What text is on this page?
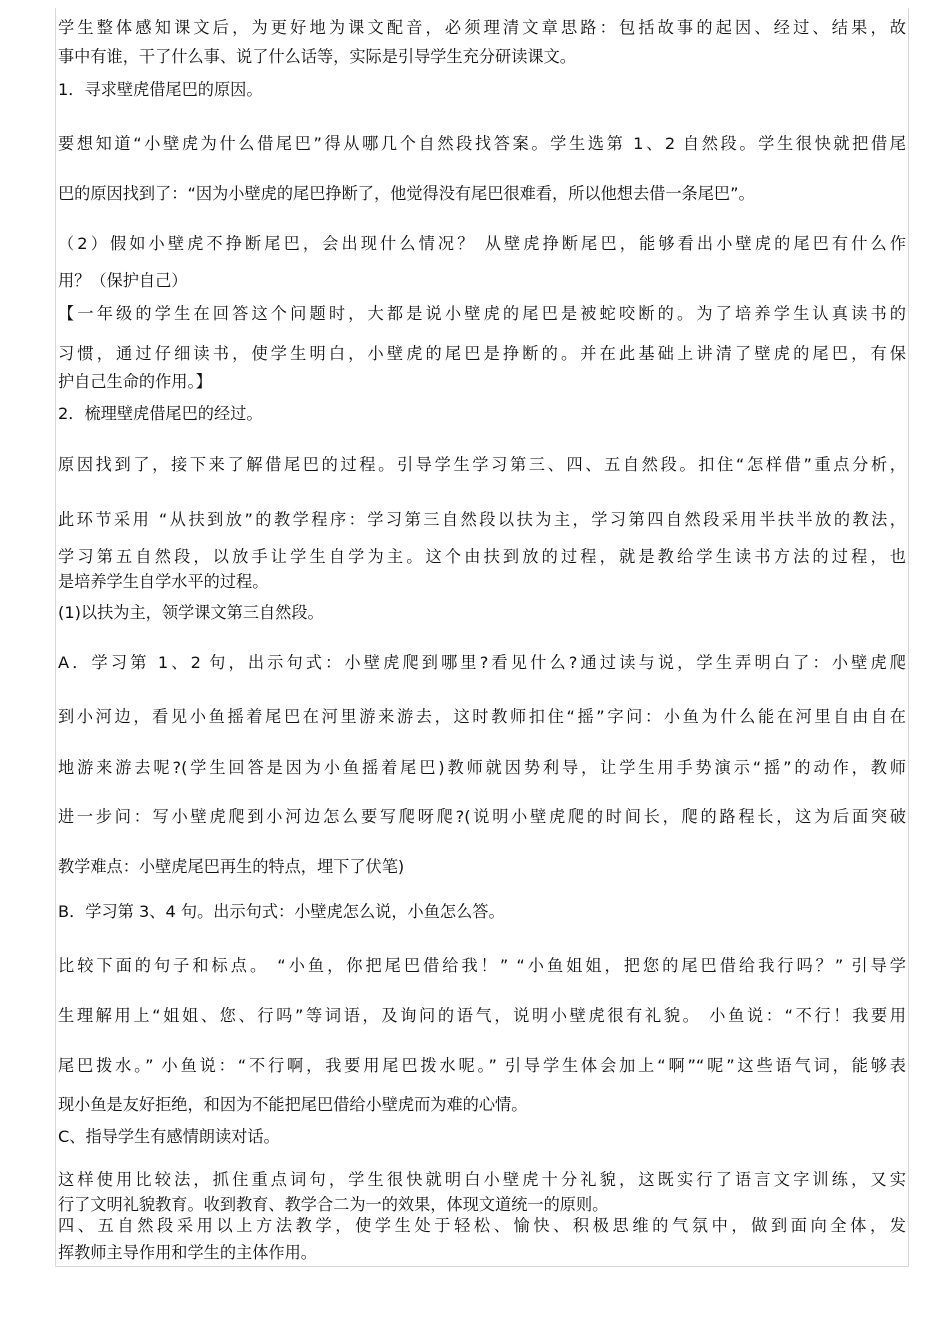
学生整体感知课文后，为更好地为课文配音，必须理清文章思路：包括故事的起因、经过、结果，故
事中有谁，干了什么事、说了什么话等，实际是引导学生充分研读课文。
1．寻求壁虎借尾巴的原因。
要想知道“小壁虎为什么借尾巴”得从哪几个自然段找答案。学生选第 1、2 自然段。学生很快就把借尾
巴的原因找到了：“因为小壁虎的尾巴挣断了，他觉得没有尾巴很难看，所以他想去借一条尾巴”。
（2）假如小壁虎不挣断尾巴，会出现什么情况？ 从壁虎挣断尾巴，能够看出小壁虎的尾巴有什么作
用？（保护自己）
【一年级的学生在回答这个问题时，大都是说小壁虎的尾巴是被蛇咬断的。为了培养学生认真读书的
习惯，通过仔细读书，使学生明白，小壁虎的尾巴是挣断的。并在此基础上讲清了壁虎的尾巴，有保
护自己生命的作用。】
2．梳理壁虎借尾巴的经过。
原因找到了，接下来了解借尾巴的过程。引导学生学习第三、四、五自然段。扣住“怎样借”重点分析，
此环节采用 “从扶到放”的教学程序：学习第三自然段以扶为主，学习第四自然段采用半扶半放的教法，
学习第五自然段，以放手让学生自学为主。这个由扶到放的过程，就是教给学生读书方法的过程，也
是培养学生自学水平的过程。
(1)以扶为主，领学课文第三自然段。
A．学习第 1、2 句，出示句式：小壁虎爬到哪里?看见什么?通过读与说，学生弄明白了：小壁虎爬
到小河边，看见小鱼摇着尾巴在河里游来游去，这时教师扣住“摇”字问：小鱼为什么能在河里自由自在
地游来游去呢?(学生回答是因为小鱼摇着尾巴)教师就因势利导，让学生用手势演示“摇”的动作，教师
进一步问：写小壁虎爬到小河边怎么要写爬呀爬?(说明小壁虎爬的时间长，爬的路程长，这为后面突破
教学难点：小壁虎尾巴再生的特点，埋下了伏笔)
B．学习第 3、4 句。出示句式：小壁虎怎么说，小鱼怎么答。
比较下面的句子和标点。 “小鱼，你把尾巴借给我！” “小鱼姐姐，把您的尾巴借给我行吗？” 引导学
生理解用上“姐姐、您、行吗”等词语，及询问的语气，说明小壁虎很有礼貌。 小鱼说：“不行！我要用
尾巴拨水。” 小鱼说：“不行啊，我要用尾巴拨水呢。” 引导学生体会加上“啊”“呢”这些语气词，能够表
现小鱼是友好拒绝，和因为不能把尾巴借给小壁虎而为难的心情。
C、指导学生有感情朗读对话。
这样使用比较法，抓住重点词句，学生很快就明白小壁虎十分礼貌，这既实行了语言文字训练，又实
行了文明礼貌教育。收到教育、教学合二为一的效果，体现文道统一的原则。
四、五自然段采用以上方法教学，使学生处于轻松、愉快、积极思维的气氛中，做到面向全体，发
挥教师主导作用和学生的主体作用。
